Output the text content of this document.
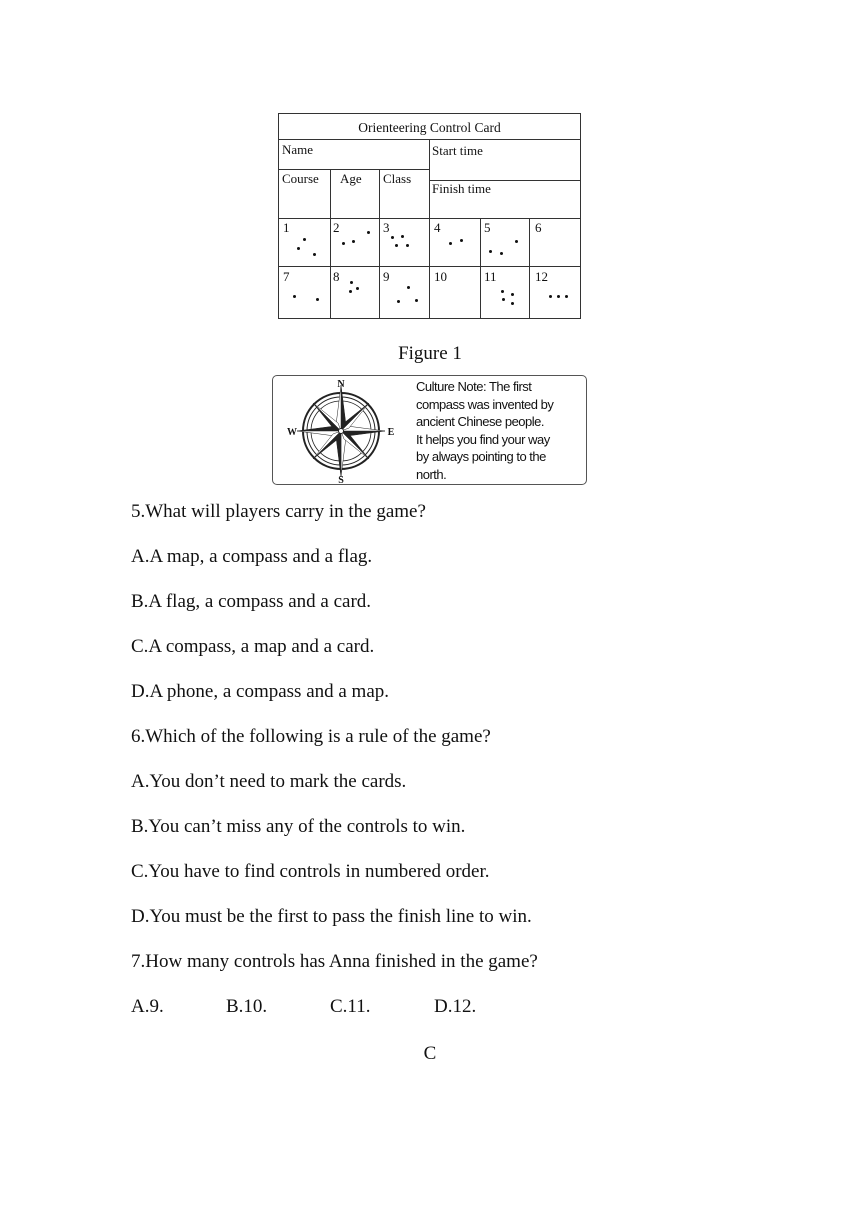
Orienteering Control Card
Name	Start time
Course Age Class
Finish time
1	2	3	4	5	6
7	8	9	10	11	12
Figure 1
N
S
E
W
Culture Note: The first
compass was invented by
ancient Chinese people.
It helps you find your way
by always pointing to the
north.
5.What will players carry in the game?
A.A map, a compass and a flag.
B.A flag, a compass and a card.
C.A compass, a map and a card.
D.A phone, a compass and a map.
6.Which of the following is a rule of the game?
A.You don’t need to mark the cards.
B.You can’t miss any of the controls to win.
C.You have to find controls in numbered order.
D.You must be the first to pass the finish line to win.
7.How many controls has Anna finished in the game?
A.9.	B.10.	C.11.	D.12.
C
